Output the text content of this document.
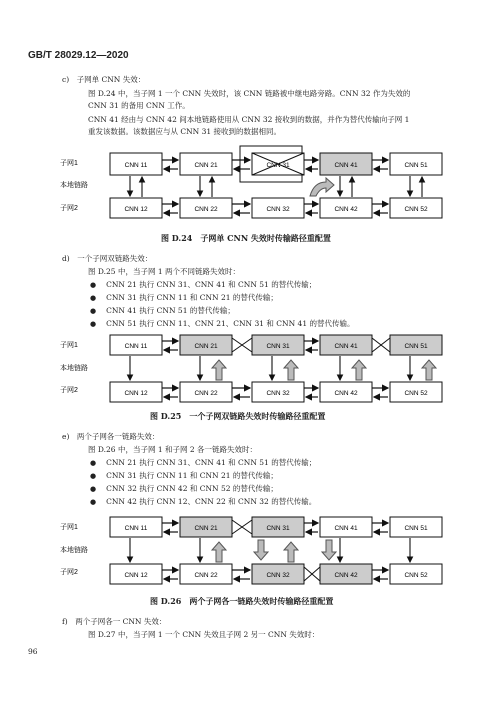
GB/T 28029.12—2020
c)　子网单 CNN 失效：
图 D.24 中，当子网 1 一个 CNN 失效时，该 CNN 链路被中继电路旁路。CNN 32 作为失效的
CNN 31 的备用 CNN 工作。
CNN 41 经由与 CNN 42 间本地链路使用从 CNN 32 接收到的数据，并作为替代传输向子网 1
重发该数据。该数据应与从 CNN 31 接收到的数据相同。
子网1
本地链路
子网2
CNN 11	CNN 21	CNN 31	CNN 41	CNN 51
CNN 12	CNN 22	CNN 32	CNN 42	CNN 52
图 D.24　子网单 CNN 失效时传输路径重配置
d)　一个子网双链路失效：
图 D.25 中，当子网 1 两个不同链路失效时：
● CNN 21 执行 CNN 31、CNN 41 和 CNN 51 的替代传输；
● CNN 31 执行 CNN 11 和 CNN 21 的替代传输；
● CNN 41 执行 CNN 51 的替代传输；
● CNN 51 执行 CNN 11、CNN 21、CNN 31 和 CNN 41 的替代传输。
子网1
本地链路
子网2
CNN 11	CNN 21	CNN 31	CNN 41	CNN 51
CNN 12	CNN 22	CNN 32	CNN 42	CNN 52
图 D.25　一个子网双链路失效时传输路径重配置
e)　两个子网各一链路失效：
图 D.26 中，当子网 1 和子网 2 各一链路失效时：
● CNN 21 执行 CNN 31、CNN 41 和 CNN 51 的替代传输；
● CNN 31 执行 CNN 11 和 CNN 21 的替代传输；
● CNN 32 执行 CNN 42 和 CNN 52 的替代传输；
● CNN 42 执行 CNN 12、CNN 22 和 CNN 32 的替代传输。
子网1
本地链路
子网2
CNN 11	CNN 21	CNN 31	CNN 41	CNN 51
CNN 12	CNN 22	CNN 32	CNN 42	CNN 52
图 D.26　两个子网各一链路失效时传输路径重配置
f)　两个子网各一 CNN 失效：
图 D.27 中，当子网 1 一个 CNN 失效且子网 2 另一 CNN 失效时：
96
